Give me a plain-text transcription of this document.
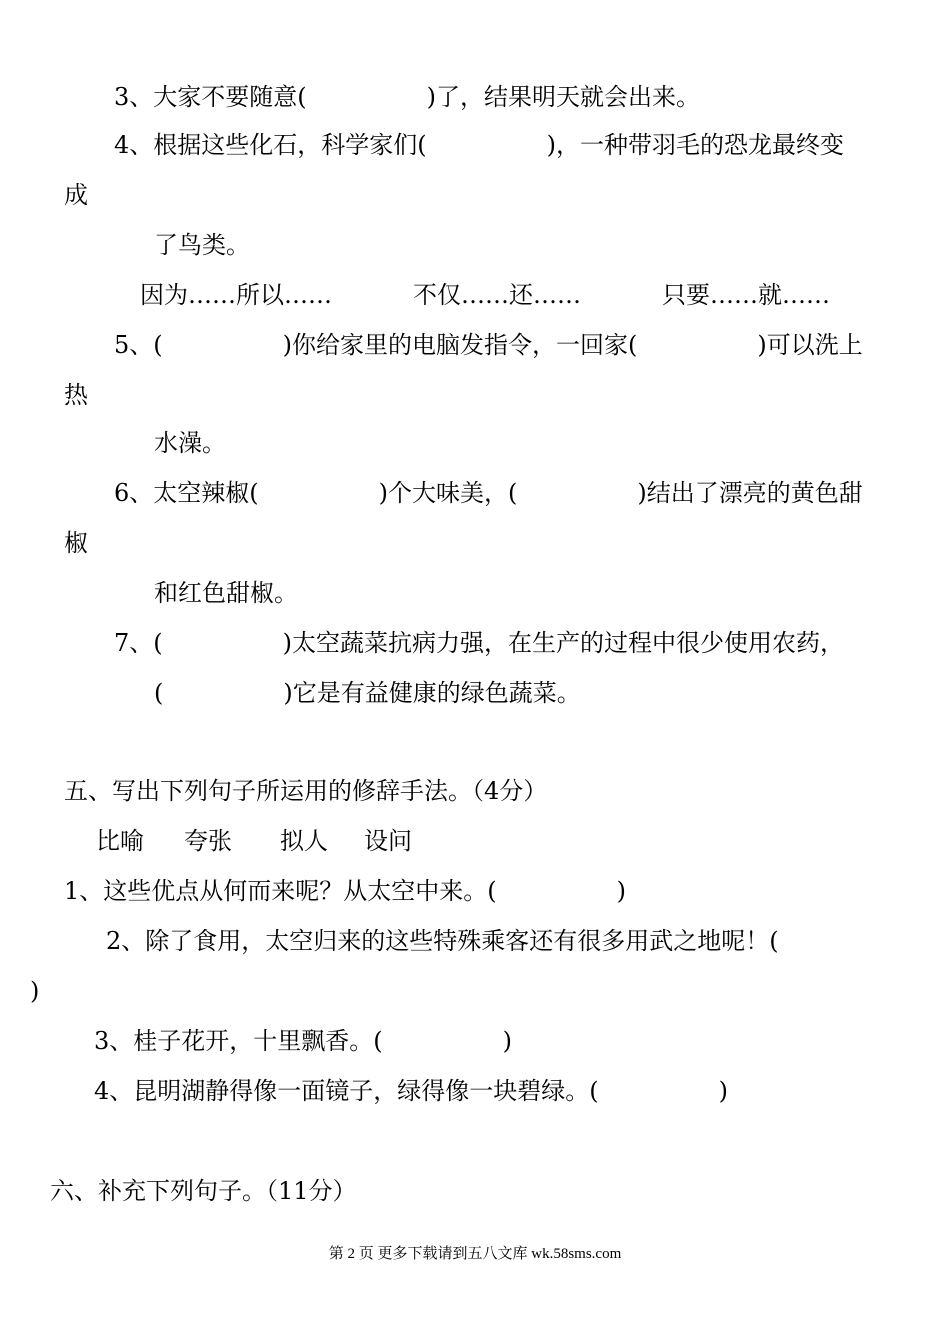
3、大家不要随意(　　　　　)了，结果明天就会出来。
4、根据这些化石，科学家们(　　　　　)，一种带羽毛的恐龙最终变
成
了鸟类。
因为……所以……	不仅……还……	只要……就……
5、(　　　　　)你给家里的电脑发指令，一回家(　　　　　)可以洗上
热
水澡。
6、太空辣椒(　　　　　)个大味美，(　　　　　)结出了漂亮的黄色甜
椒
和红色甜椒。
7、(　　　　　)太空蔬菜抗病力强，在生产的过程中很少使用农药，
(　　　　　)它是有益健康的绿色蔬菜。
五、写出下列句子所运用的修辞手法。（4分）
比喻 夸张 拟人 设问
1、这些优点从何而来呢？从太空中来。(　　　　　)
2、除了食用，太空归来的这些特殊乘客还有很多用武之地呢！(
)
3、桂子花开，十里飘香。(　　　　　)
4、昆明湖静得像一面镜子，绿得像一块碧绿。(　　　　　)
六、补充下列句子。（11分）
第 2 页 更多下载请到五八文库 wk.58sms.com
